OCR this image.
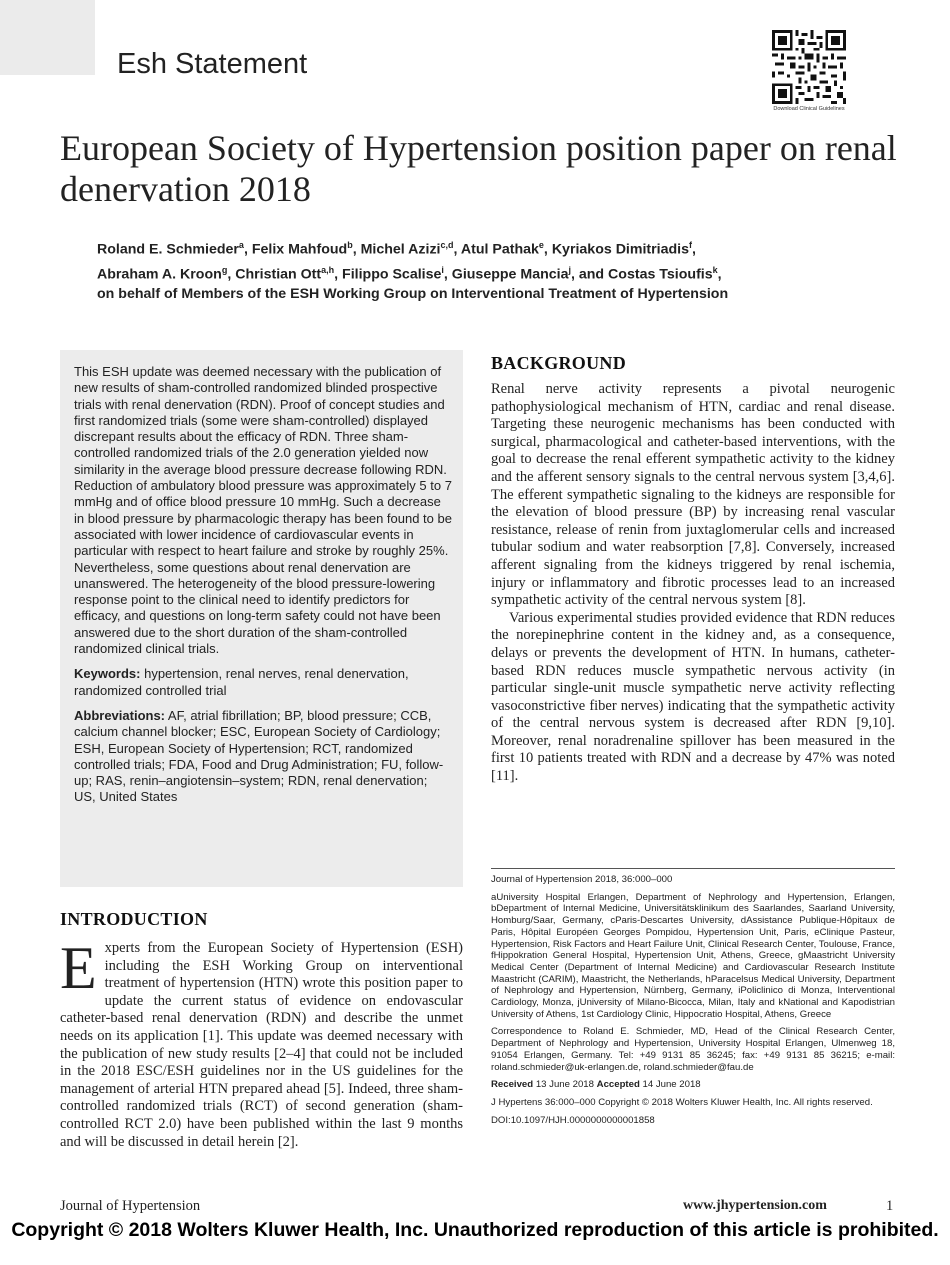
Esh Statement
Download Clinical Guidelines
European Society of Hypertension position paper on renal denervation 2018
Roland E. Schmieder$^a$, Felix Mahfoud$^b$, Michel Azizi$^{c,d}$, Atul Pathak$^e$, Kyriakos Dimitriadis$^f$,
Abraham A. Kroon$^g$, Christian Ott$^{a,h}$, Filippo Scalise$^i$, Giuseppe Mancia$^j$, and Costas Tsioufis$^k$,
on behalf of Members of the ESH Working Group on Interventional Treatment of Hypertension

This ESH update was deemed necessary with the publication of new results of sham-controlled randomized blinded prospective trials with renal denervation (RDN). Proof of concept studies and first randomized trials (some were sham-controlled) displayed discrepant results about the efficacy of RDN. Three sham-controlled randomized trials of the 2.0 generation yielded now similarity in the average blood pressure decrease following RDN. Reduction of ambulatory blood pressure was approximately 5 to 7 mmHg and of office blood pressure 10 mmHg. Such a decrease in blood pressure by pharmacologic therapy has been found to be associated with lower incidence of cardiovascular events in particular with respect to heart failure and stroke by roughly 25%. Nevertheless, some questions about renal denervation are unanswered. The heterogeneity of the blood pressure-lowering response point to the clinical need to identify predictors for efficacy, and questions on long-term safety could not have been answered due to the short duration of the sham-controlled randomized clinical trials.

Keywords: hypertension, renal nerves, renal denervation, randomized controlled trial

Abbreviations: AF, atrial fibrillation; BP, blood pressure; CCB, calcium channel blocker; ESC, European Society of Cardiology; ESH, European Society of Hypertension; RCT, randomized controlled trials; FDA, Food and Drug Administration; FU, follow-up; RAS, renin–angiotensin–system; RDN, renal denervation; US, United States

INTRODUCTION

Experts from the European Society of Hypertension (ESH) including the ESH Working Group on interventional treatment of hypertension (HTN) wrote this position paper to update the current status of evidence on endovascular catheter-based renal denervation (RDN) and describe the unmet needs on its application [1]. This update was deemed necessary with the publication of new study results [2–4] that could not be included in the 2018 ESC/ESH guidelines nor in the US guidelines for the management of arterial HTN prepared ahead [5]. Indeed, three sham-controlled randomized trials (RCT) of second generation (sham-controlled RCT 2.0) have been published within the last 9 months and will be discussed in detail herein [2].

BACKGROUND

Renal nerve activity represents a pivotal neurogenic pathophysiological mechanism of HTN, cardiac and renal disease. Targeting these neurogenic mechanisms has been conducted with surgical, pharmacological and catheter-based interventions, with the goal to decrease the renal efferent sympathetic activity to the kidney and the afferent sensory signals to the central nervous system [3,4,6]. The efferent sympathetic signaling to the kidneys are responsible for the elevation of blood pressure (BP) by increasing renal vascular resistance, release of renin from juxtaglomerular cells and increased tubular sodium and water reabsorption [7,8]. Conversely, increased afferent signaling from the kidneys triggered by renal ischemia, injury or inflammatory and fibrotic processes lead to an increased sympathetic activity of the central nervous system [8].

Various experimental studies provided evidence that RDN reduces the norepinephrine content in the kidney and, as a consequence, delays or prevents the development of HTN. In humans, catheter-based RDN reduces muscle sympathetic nervous activity (in particular single-unit muscle sympathetic nerve activity reflecting vasoconstrictive fiber nerves) indicating that the sympathetic activity of the central nervous system is decreased after RDN [9,10]. Moreover, renal noradrenaline spillover has been measured in the first 10 patients treated with RDN and a decrease by 47% was noted [11].

Journal of Hypertension 2018, 36:000–000

aUniversity Hospital Erlangen, Department of Nephrology and Hypertension, Erlangen, bDepartment of Internal Medicine, Universitätsklinikum des Saarlandes, Saarland University, Homburg/Saar, Germany, cParis-Descartes University, dAssistance Publique-Hôpitaux de Paris, Hôpital Européen Georges Pompidou, Hypertension Unit, Paris, eClinique Pasteur, Hypertension, Risk Factors and Heart Failure Unit, Clinical Research Center, Toulouse, France, fHippokration General Hospital, Hypertension Unit, Athens, Greece, gMaastricht University Medical Center (Department of Internal Medicine) and Cardiovascular Research Institute Maastricht (CARIM), Maastricht, the Netherlands, hParacelsus Medical University, Department of Nephrology and Hypertension, Nürnberg, Germany, iPoliclinico di Monza, Interventional Cardiology, Monza, jUniversity of Milano-Bicocca, Milan, Italy and kNational and Kapodistrian University of Athens, 1st Cardiology Clinic, Hippocratio Hospital, Athens, Greece

Correspondence to Roland E. Schmieder, MD, Head of the Clinical Research Center, Department of Nephrology and Hypertension, University Hospital Erlangen, Ulmenweg 18, 91054 Erlangen, Germany. Tel: +49 9131 85 36245; fax: +49 9131 85 36215; e-mail: roland.schmieder@uk-erlangen.de, roland.schmieder@fau.de

Received 13 June 2018 Accepted 14 June 2018

J Hypertens 36:000–000 Copyright © 2018 Wolters Kluwer Health, Inc. All rights reserved.

DOI:10.1097/HJH.0000000000001858

Journal of Hypertension	www.jhypertension.com	1
Copyright © 2018 Wolters Kluwer Health, Inc. Unauthorized reproduction of this article is prohibited.
